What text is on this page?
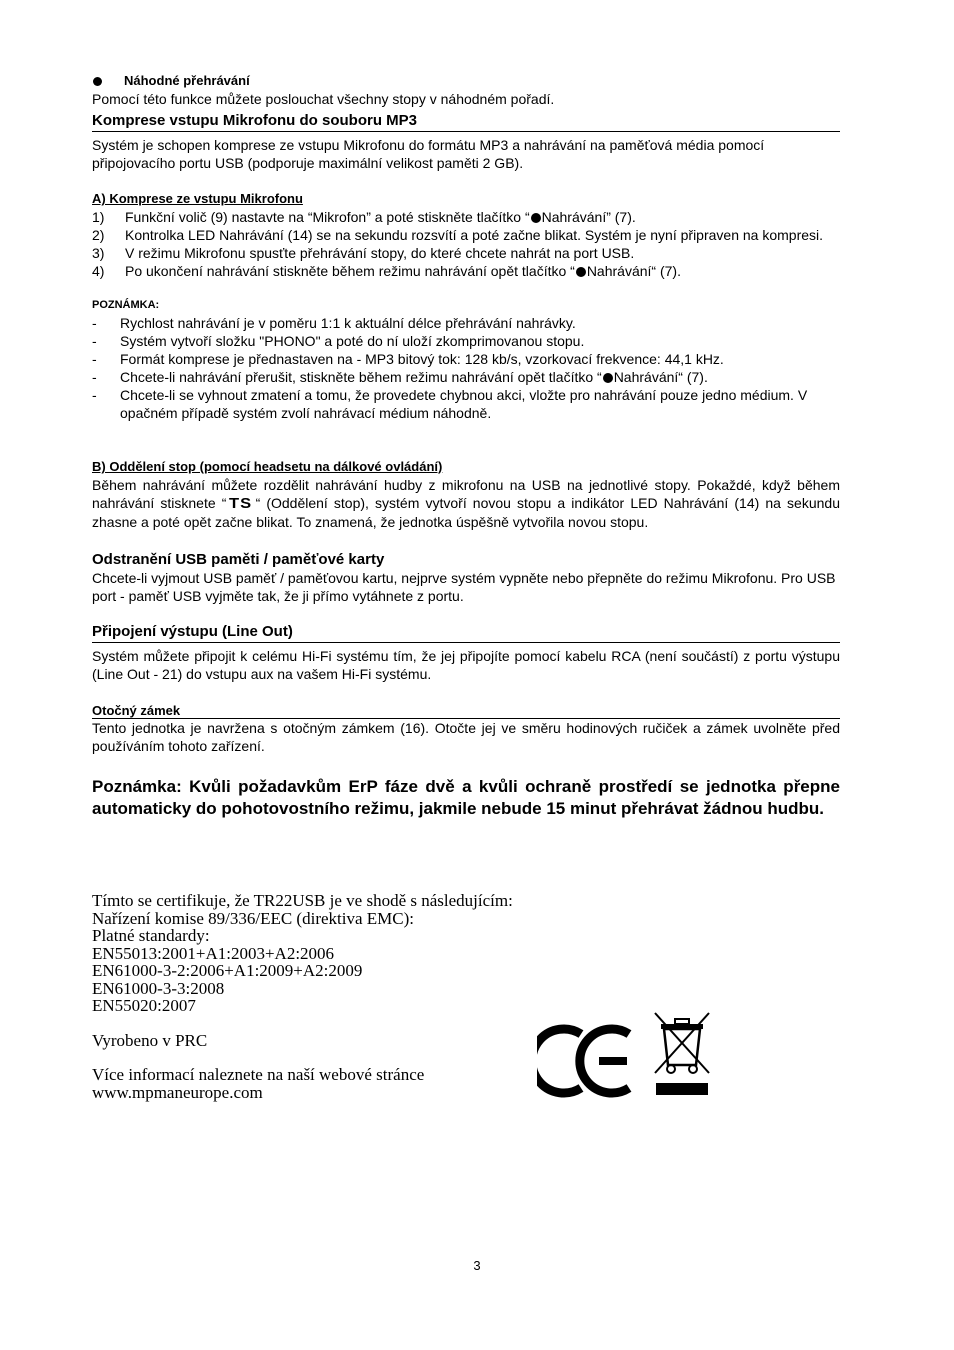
Náhodné přehrávání

Pomocí této funkce můžete poslouchat všechny stopy v náhodném pořadí.

Komprese vstupu Mikrofonu do souboru MP3

Systém je schopen komprese ze vstupu Mikrofonu do formátu MP3 a nahrávání na paměťová média pomocí připojovacího portu USB (podporuje maximální velikost paměti 2 GB).

A) Komprese ze vstupu Mikrofonu
1)	Funkční volič (9) nastavte na “Mikrofon” a poté stiskněte tlačítko “ Nahrávání” (7).
2)	Kontrolka LED Nahrávání (14) se na sekundu rozsvítí a poté začne blikat. Systém je nyní připraven na kompresi.
3)	V režimu Mikrofonu spusťte přehrávání stopy, do které chcete nahrát na port USB.
4)	Po ukončení nahrávání stiskněte během režimu nahrávání opět tlačítko “ Nahrávání“ (7).
POZNÁMKA:
-	Rychlost nahrávání je v poměru 1:1 k aktuální délce přehrávání nahrávky.
-	Systém vytvoří složku "PHONO" a poté do ní uloží zkomprimovanou stopu.
-	Formát komprese je přednastaven na - MP3 bitový tok: 128 kb/s, vzorkovací frekvence: 44,1 kHz.
-	Chcete-li nahrávání přerušit, stiskněte během režimu nahrávání opět tlačítko “ Nahrávání“ (7).
-	Chcete-li se vyhnout zmatení a tomu, že provedete chybnou akci, vložte pro nahrávání pouze jedno médium. V opačném případě systém zvolí nahrávací médium náhodně.
B) Oddělení stop (pomocí headsetu na dálkové ovládání)

Během nahrávání můžete rozdělit nahrávání hudby z mikrofonu na USB na jednotlivé stopy. Pokaždé, když během nahrávání stisknete “ TS “ (Oddělení stop), systém vytvoří novou stopu a indikátor LED Nahrávání (14) na sekundu zhasne a poté opět začne blikat. To znamená, že jednotka úspěšně vytvořila novou stopu.

Odstranění USB paměti / paměťové karty

Chcete-li vyjmout USB paměť / paměťovou kartu, nejprve systém vypněte nebo přepněte do režimu Mikrofonu. Pro USB port - paměť USB vyjměte tak, že ji přímo vytáhnete z portu.

Připojení výstupu (Line Out)

Systém můžete připojit k celému Hi-Fi systému tím, že jej připojíte pomocí kabelu RCA (není součástí) z portu výstupu (Line Out - 21) do vstupu aux na vašem Hi-Fi systému.

Otočný zámek

Tento jednotka je navržena s otočným zámkem (16). Otočte jej ve směru hodinových ručiček a zámek uvolněte před používáním tohoto zařízení.

Poznámka: Kvůli požadavkům ErP fáze dvě a kvůli ochraně prostředí se jednotka přepne automaticky do pohotovostního režimu, jakmile nebude 15 minut přehrávat žádnou hudbu.

Tímto se certifikuje, že TR22USB je ve shodě s následujícím:

Nařízení komise 89/336/EEC (direktiva EMC):

Platné standardy:

EN55013:2001+A1:2003+A2:2006

EN61000-3-2:2006+A1:2009+A2:2009

EN61000-3-3:2008

EN55020:2007

Vyrobeno v PRC

Více informací naleznete na naší webové stránce

www.mpmaneurope.com

3
